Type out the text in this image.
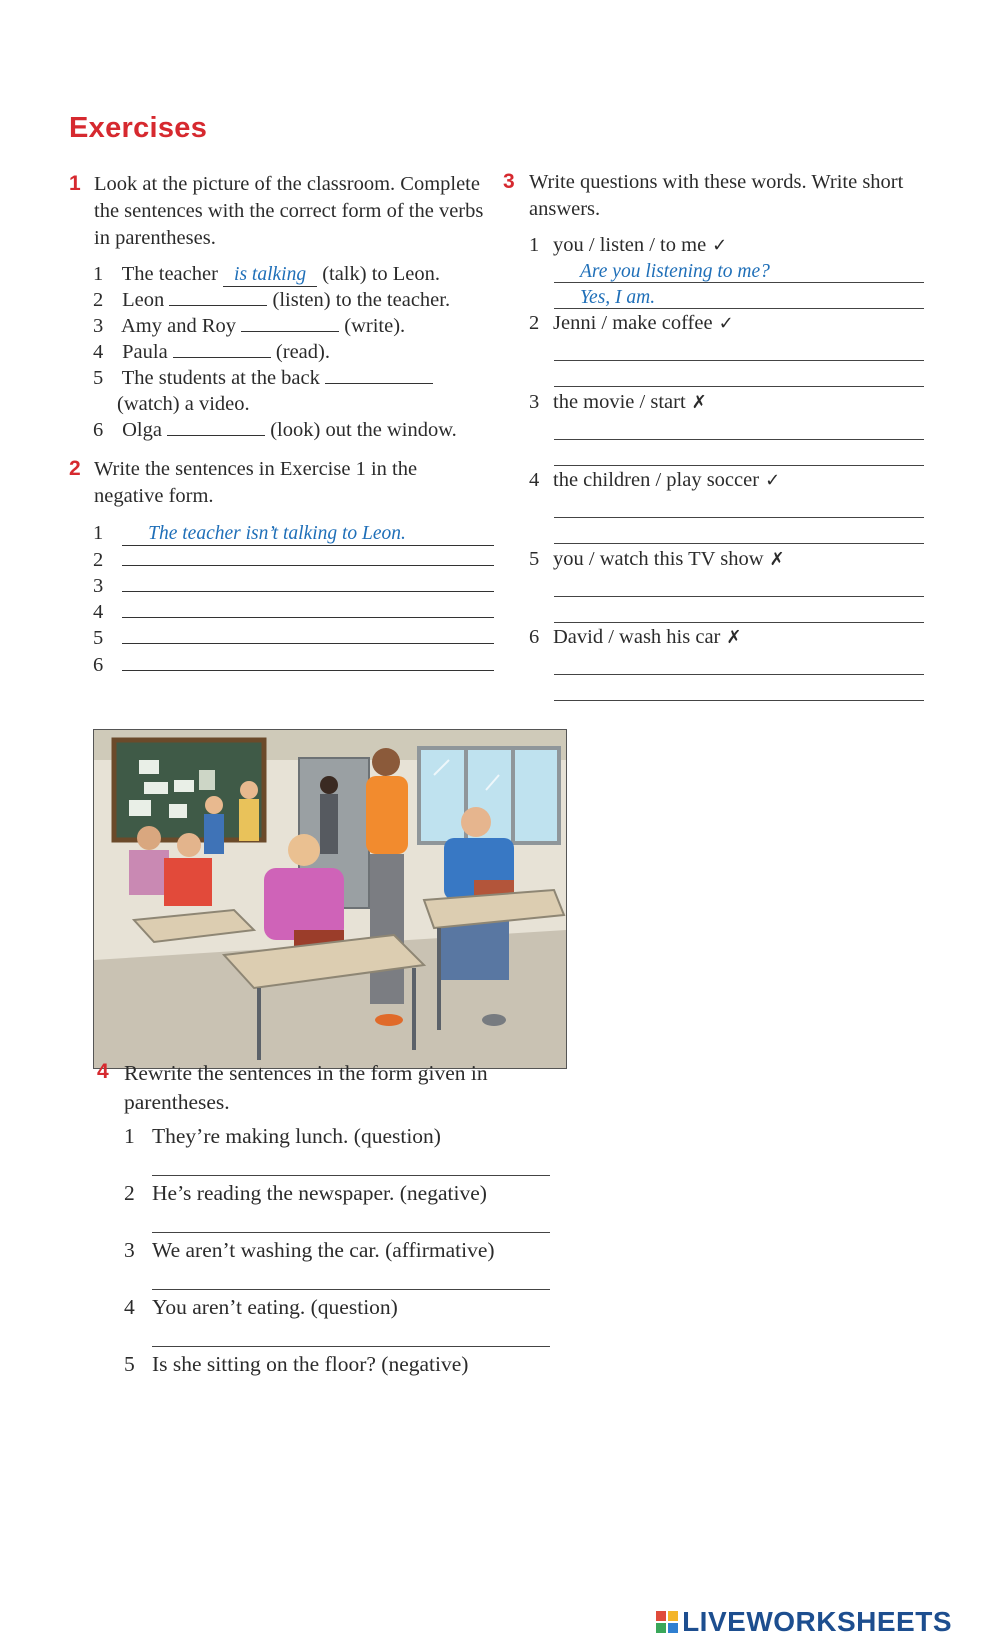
Exercises
1 Look at the picture of the classroom. Complete the sentences with the correct form of the verbs in parentheses.
1 The teacher is talking (talk) to Leon.
2 Leon	(listen) to the teacher.
3 Amy and Roy	(write).
4 Paula	(read).
5 The students at the back
(watch) a video.
6 Olga	(look) out the window.
2 Write the sentences in Exercise 1 in the negative form.
1 The teacher isn’t talking to Leon.
2
3
4
5
6
3 Write questions with these words. Write short answers.
1 you / listen / to me ✓
Are you listening to me?
Yes, I am.
2 Jenni / make coffee ✓
3 the movie / start ✗
4 the children / play soccer ✓
5 you / watch this TV show ✗
6 David / wash his car ✗
4 Rewrite the sentences in the form given in parentheses.
1 They’re making lunch. (question)
2 He’s reading the newspaper. (negative)
3 We aren’t washing the car. (affirmative)
4 You aren’t eating. (question)
5 Is she sitting on the floor? (negative)
LIVEWORKSHEETS
